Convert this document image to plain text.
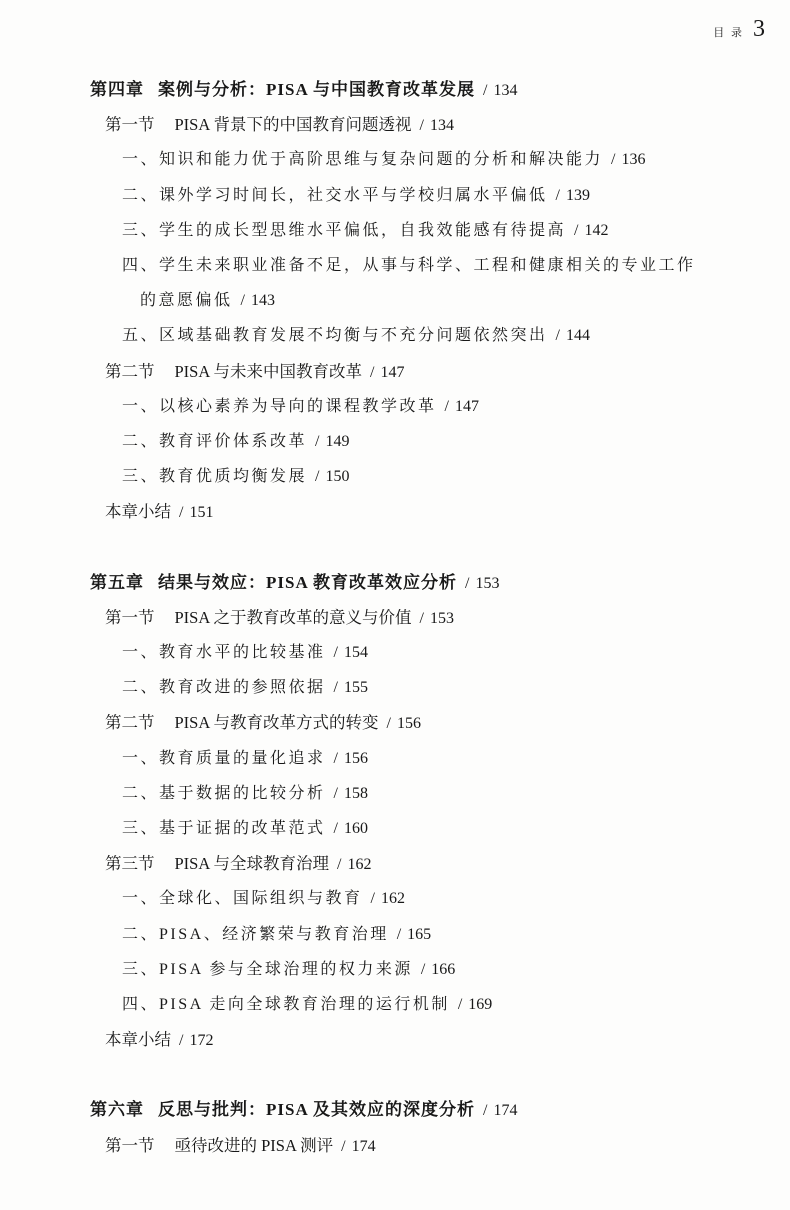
目 录 3
第四章 案例与分析：PISA 与中国教育改革发展 / 134
第一节 PISA 背景下的中国教育问题透视 / 134
一、 知识和能力优于高阶思维与复杂问题的分析和解决能力 / 136
二、 课外学习时间长，社交水平与学校归属水平偏低 / 139
三、 学生的成长型思维水平偏低，自我效能感有待提高 / 142
四、 学生未来职业准备不足，从事与科学、工程和健康相关的专业工作
的意愿偏低 / 143
五、 区域基础教育发展不均衡与不充分问题依然突出 / 144
第二节 PISA 与未来中国教育改革 / 147
一、 以核心素养为导向的课程教学改革 / 147
二、 教育评价体系改革 / 149
三、 教育优质均衡发展 / 150
本章小结 / 151
第五章 结果与效应：PISA 教育改革效应分析 / 153
第一节 PISA 之于教育改革的意义与价值 / 153
一、 教育水平的比较基准 / 154
二、 教育改进的参照依据 / 155
第二节 PISA 与教育改革方式的转变 / 156
一、 教育质量的量化追求 / 156
二、 基于数据的比较分析 / 158
三、 基于证据的改革范式 / 160
第三节 PISA 与全球教育治理 / 162
一、 全球化、国际组织与教育 / 162
二、 PISA、经济繁荣与教育治理 / 165
三、 PISA 参与全球治理的权力来源 / 166
四、 PISA 走向全球教育治理的运行机制 / 169
本章小结 / 172
第六章 反思与批判：PISA 及其效应的深度分析 / 174
第一节 亟待改进的 PISA 测评 / 174
